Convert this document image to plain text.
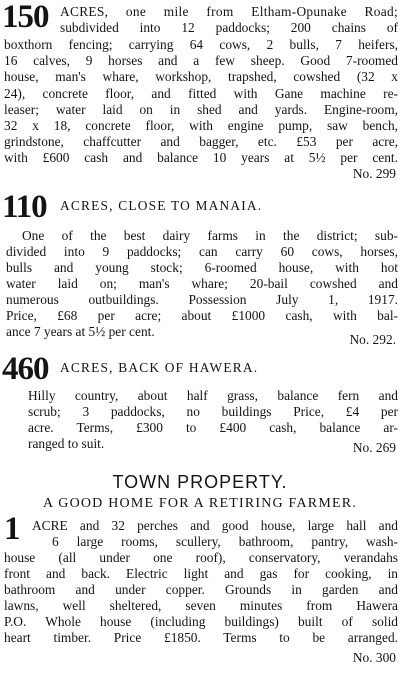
150 ACRES, one mile from Eltham-Opunake Road;
subdivided into 12 paddocks; 200 chains of
boxthorn fencing; carrying 64 cows, 2 bulls, 7 heifers,
16 calves, 9 horses and a few sheep. Good 7-roomed
house, man's whare, workshop, trapshed, cowshed (32 x
24), concrete floor, and fitted with Gane machine re-
leaser; water laid on in shed and yards. Engine-room,
32 x 18, concrete floor, with engine pump, saw bench,
grindstone, chaffcutter and bagger, etc. £53 per acre,
with £600 cash and balance 10 years at 5½ per cent.
No. 299
110 ACRES, CLOSE TO MANAIA.
One of the best dairy farms in the district; sub-
divided into 9 paddocks; can carry 60 cows, horses,
bulls and young stock; 6-roomed house, with hot
water laid on; man's whare; 20-bail cowshed and
numerous outbuildings. Possession July 1, 1917.
Price, £68 per acre; about £1000 cash, with bal-
ance 7 years at 5½ per cent.
No. 292.
460 ACRES, BACK OF HAWERA.
Hilly country, about half grass, balance fern and
scrub; 3 paddocks, no buildings Price, £4 per
acre. Terms, £300 to £400 cash, balance ar-
ranged to suit.	No. 269
TOWN PROPERTY.
A GOOD HOME FOR A RETIRING FARMER.
1 ACRE and 32 perches and good house, large hall and
6 large rooms, scullery, bathroom, pantry, wash-
house (all under one roof), conservatory, verandahs
front and back. Electric light and gas for cooking, in
bathroom and under copper. Grounds in garden and
lawns, well sheltered, seven minutes from Hawera
P.O. Whole house (including buildings) built of solid
heart timber. Price £1850. Terms to be arranged.
No. 300
